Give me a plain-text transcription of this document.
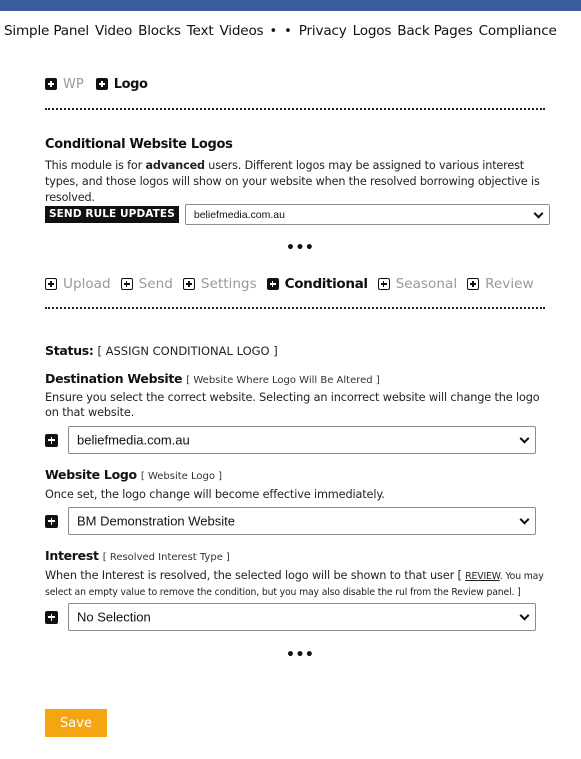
Simple Panel Video Blocks Text Videos • • Privacy Logos Back Pages Compliance
WP Logo
Conditional Website Logos
This module is for advanced users. Different logos may be assigned to various interest types, and those logos will show on your website when the resolved borrowing objective is resolved.
SEND RULE UPDATES	beliefmedia.com.au
•••
Upload Send Settings Conditional Seasonal Review
Status: [ ASSIGN CONDITIONAL LOGO ]
Destination Website [ Website Where Logo Will Be Altered ]
Ensure you select the correct website. Selecting an incorrect website will change the logo on that website.
beliefmedia.com.au
Website Logo [ Website Logo ]
Once set, the logo change will become effective immediately.
BM Demonstration Website
Interest [ Resolved Interest Type ]
When the Interest is resolved, the selected logo will be shown to that user [ REVIEW. You may select an empty value to remove the condition, but you may also disable the rul from the Review panel. ]
No Selection
•••
Save
